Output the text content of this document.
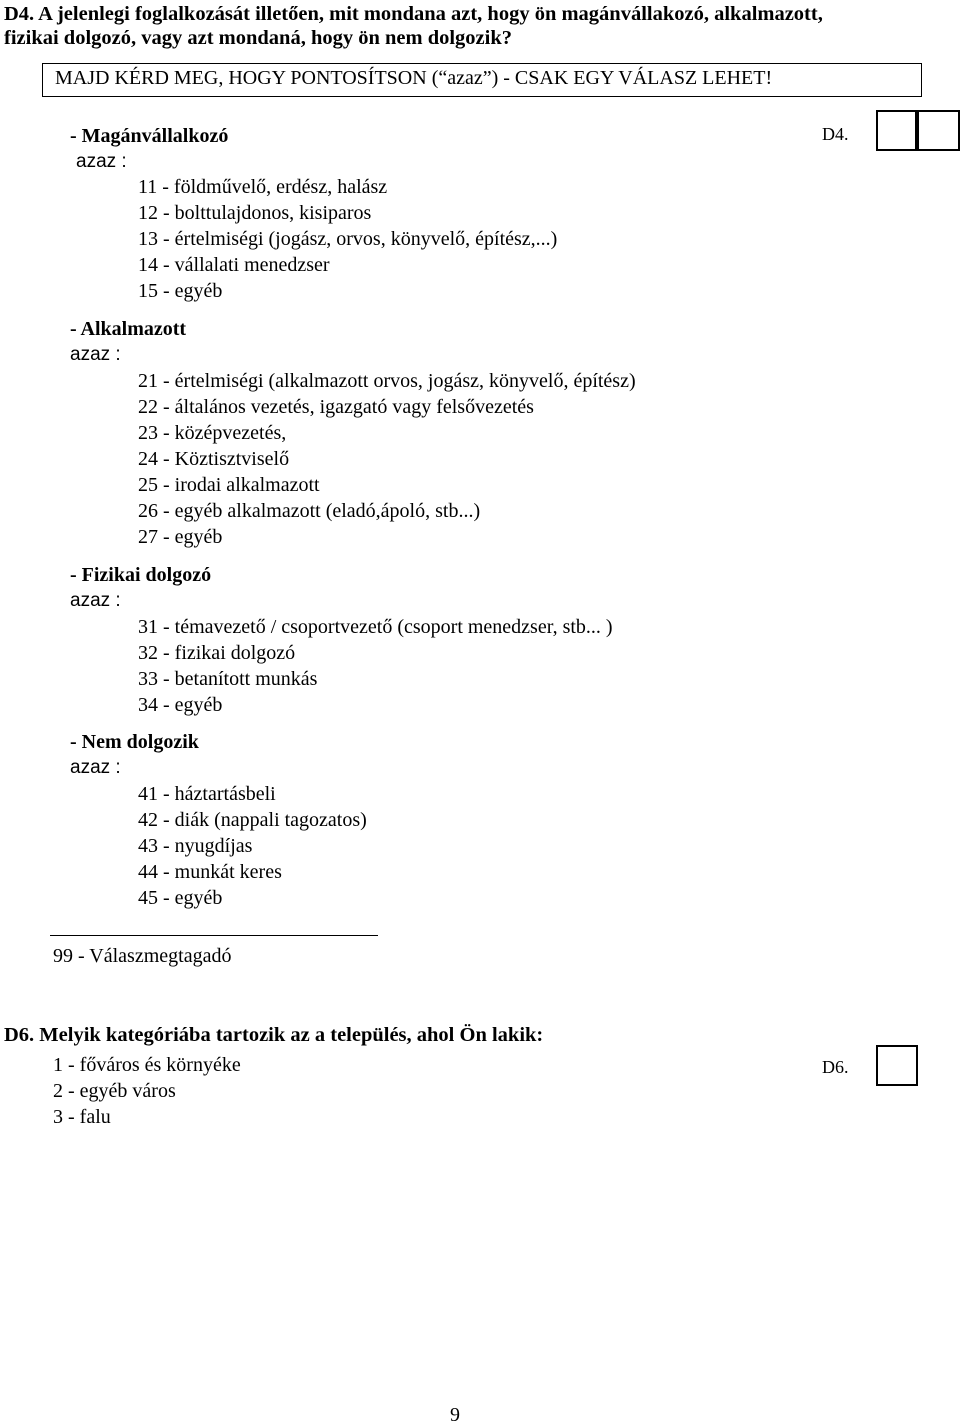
D4. A jelenlegi foglalkozását illetően, mit mondana azt, hogy ön magánvállakozó, alkalmazott,
fizikai dolgozó, vagy azt mondaná, hogy ön nem dolgozik?
MAJD KÉRD MEG, HOGY PONTOSÍTSON (“azaz”) - CSAK EGY VÁLASZ LEHET!
D4.
- Magánvállalkozó
azaz :
11 - földművelő, erdész, halász
12 - bolttulajdonos, kisiparos
13 - értelmiségi (jogász, orvos, könyvelő, építész,...)
14 - vállalati menedzser
15 - egyéb
- Alkalmazott
azaz :
21 - értelmiségi (alkalmazott orvos, jogász, könyvelő, építész)
22 - általános vezetés, igazgató vagy felsővezetés
23 - középvezetés,
24 - Köztisztviselő
25 - irodai alkalmazott
26 - egyéb alkalmazott (eladó,ápoló, stb...)
27 - egyéb
- Fizikai dolgozó
azaz :
31 - témavezető / csoportvezető (csoport menedzser, stb... )
32 - fizikai dolgozó
33 - betanított munkás
34 - egyéb
- Nem dolgozik
azaz :
41 - háztartásbeli
42 - diák (nappali tagozatos)
43 - nyugdíjas
44 - munkát keres
45 - egyéb
99 - Válaszmegtagadó
D6. Melyik kategóriába tartozik az a település, ahol Ön lakik:
1 - főváros és környéke
2 - egyéb város
3 - falu
D6.
9
